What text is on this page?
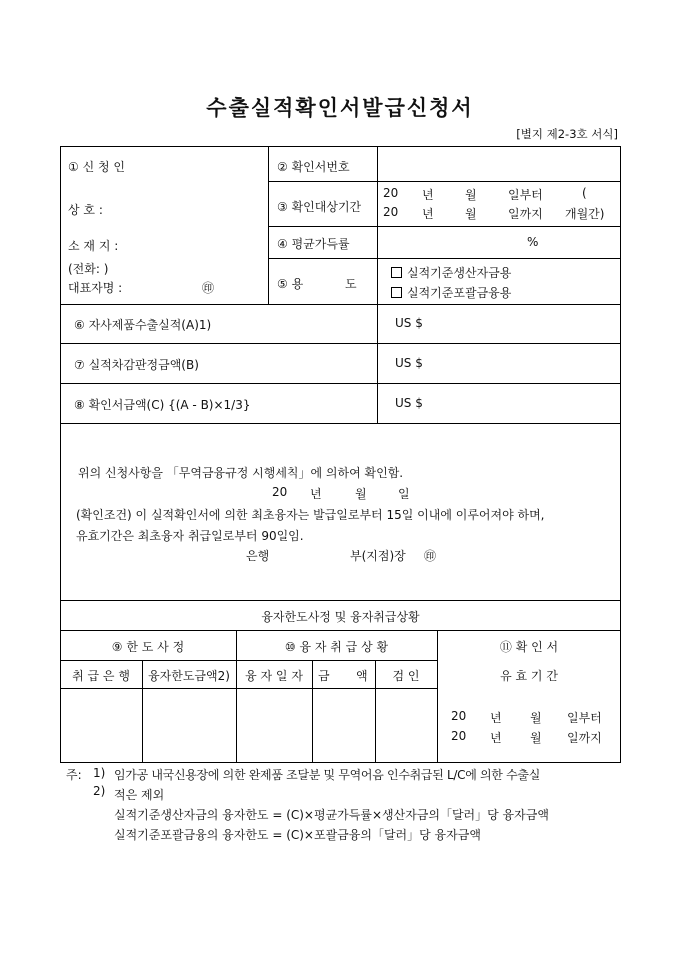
수출실적확인서발급신청서
[별지 제2-3호 서식]
① 신 청 인
상 호 :
소 재 지 :
(전화: )
대표자명 :	㊞
② 확인서번호
③ 확인대상기간
20 년	월	일부터	(
20 년	월	일까지 개월간)
④ 평균가득률	%
⑤ 용	도
실적기준생산자금용
실적기준포괄금융용
⑥ 자사제품수출실적(A)1)	US $
⑦ 실적차감판정금액(B)	US $
⑧ 확인서금액(C) {(A - B)×1/3}	US $
위의 신청사항을 「무역금융규정 시행세칙」에 의하여 확인함.
20 년	월	일
(확인조건) 이 실적확인서에 의한 최초융자는 발급일로부터 15일 이내에 이루어져야 하며,
유효기간은 최초융자 취급일로부터 90일임.
은행	부(지점)장 ㊞
융자한도사정 및 융자취급상황
⑨ 한 도 사 정	⑩ 융 자 취 급 상 황	⑪ 확 인 서
취 급 은 행	융자한도금액2)	융 자 일 자	금 액	검 인	유 효 기 간
20 년 월 일부터
20 년 월 일까지
주: 1) 임가공 내국신용장에 의한 완제품 조달분 및 무역어음 인수취급된 L/C에 의한 수출실
2) 적은 제외
실적기준생산자금의 융자한도 = (C)×평균가득률×생산자금의「달러」당 융자금액
실적기준포괄금융의 융자한도 = (C)×포괄금융의「달러」당 융자금액
